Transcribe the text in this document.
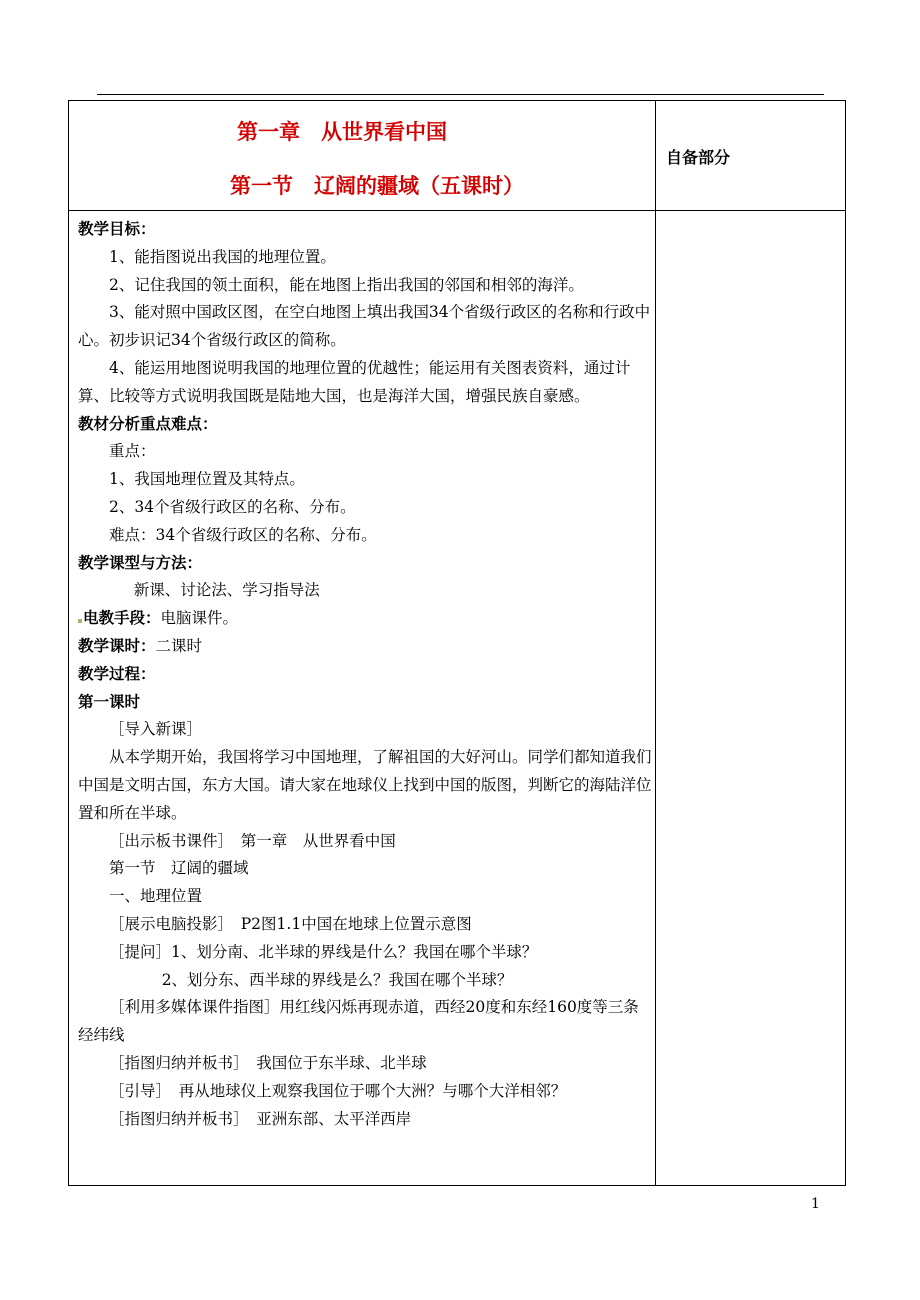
第一章　从世界看中国
第一节　辽阔的疆域（五课时）
自备部分

教学目标：

1、能指图说出我国的地理位置。

2、记住我国的领土面积，能在地图上指出我国的邻国和相邻的海洋。

3、能对照中国政区图，在空白地图上填出我国34个省级行政区的名称和行政中心。初步识记34个省级行政区的简称。

4、能运用地图说明我国的地理位置的优越性；能运用有关图表资料，通过计算、比较等方式说明我国既是陆地大国，也是海洋大国，增强民族自豪感。

教材分析重点难点：

重点：

1、我国地理位置及其特点。

2、34个省级行政区的名称、分布。

难点：34个省级行政区的名称、分布。

教学课型与方法：

新课、讨论法、学习指导法

电教手段：电脑课件。

教学课时：二课时

教学过程：

第一课时

［导入新课］

从本学期开始，我国将学习中国地理，了解祖国的大好河山。同学们都知道我们中国是文明古国，东方大国。请大家在地球仪上找到中国的版图，判断它的海陆洋位置和所在半球。

［出示板书课件］　第一章　从世界看中国

第一节　辽阔的疆域

一、地理位置

［展示电脑投影］　P2图1.1中国在地球上位置示意图

［提问］1、划分南、北半球的界线是什么？我国在哪个半球？

2、划分东、西半球的界线是么？我国在哪个半球？

［利用多媒体课件指图］用红线闪烁再现赤道，西经20度和东经160度等三条经纬线

［指图归纳并板书］　我国位于东半球、北半球

［引导］　再从地球仪上观察我国位于哪个大洲？与哪个大洋相邻？

［指图归纳并板书］　亚洲东部、太平洋西岸

1
